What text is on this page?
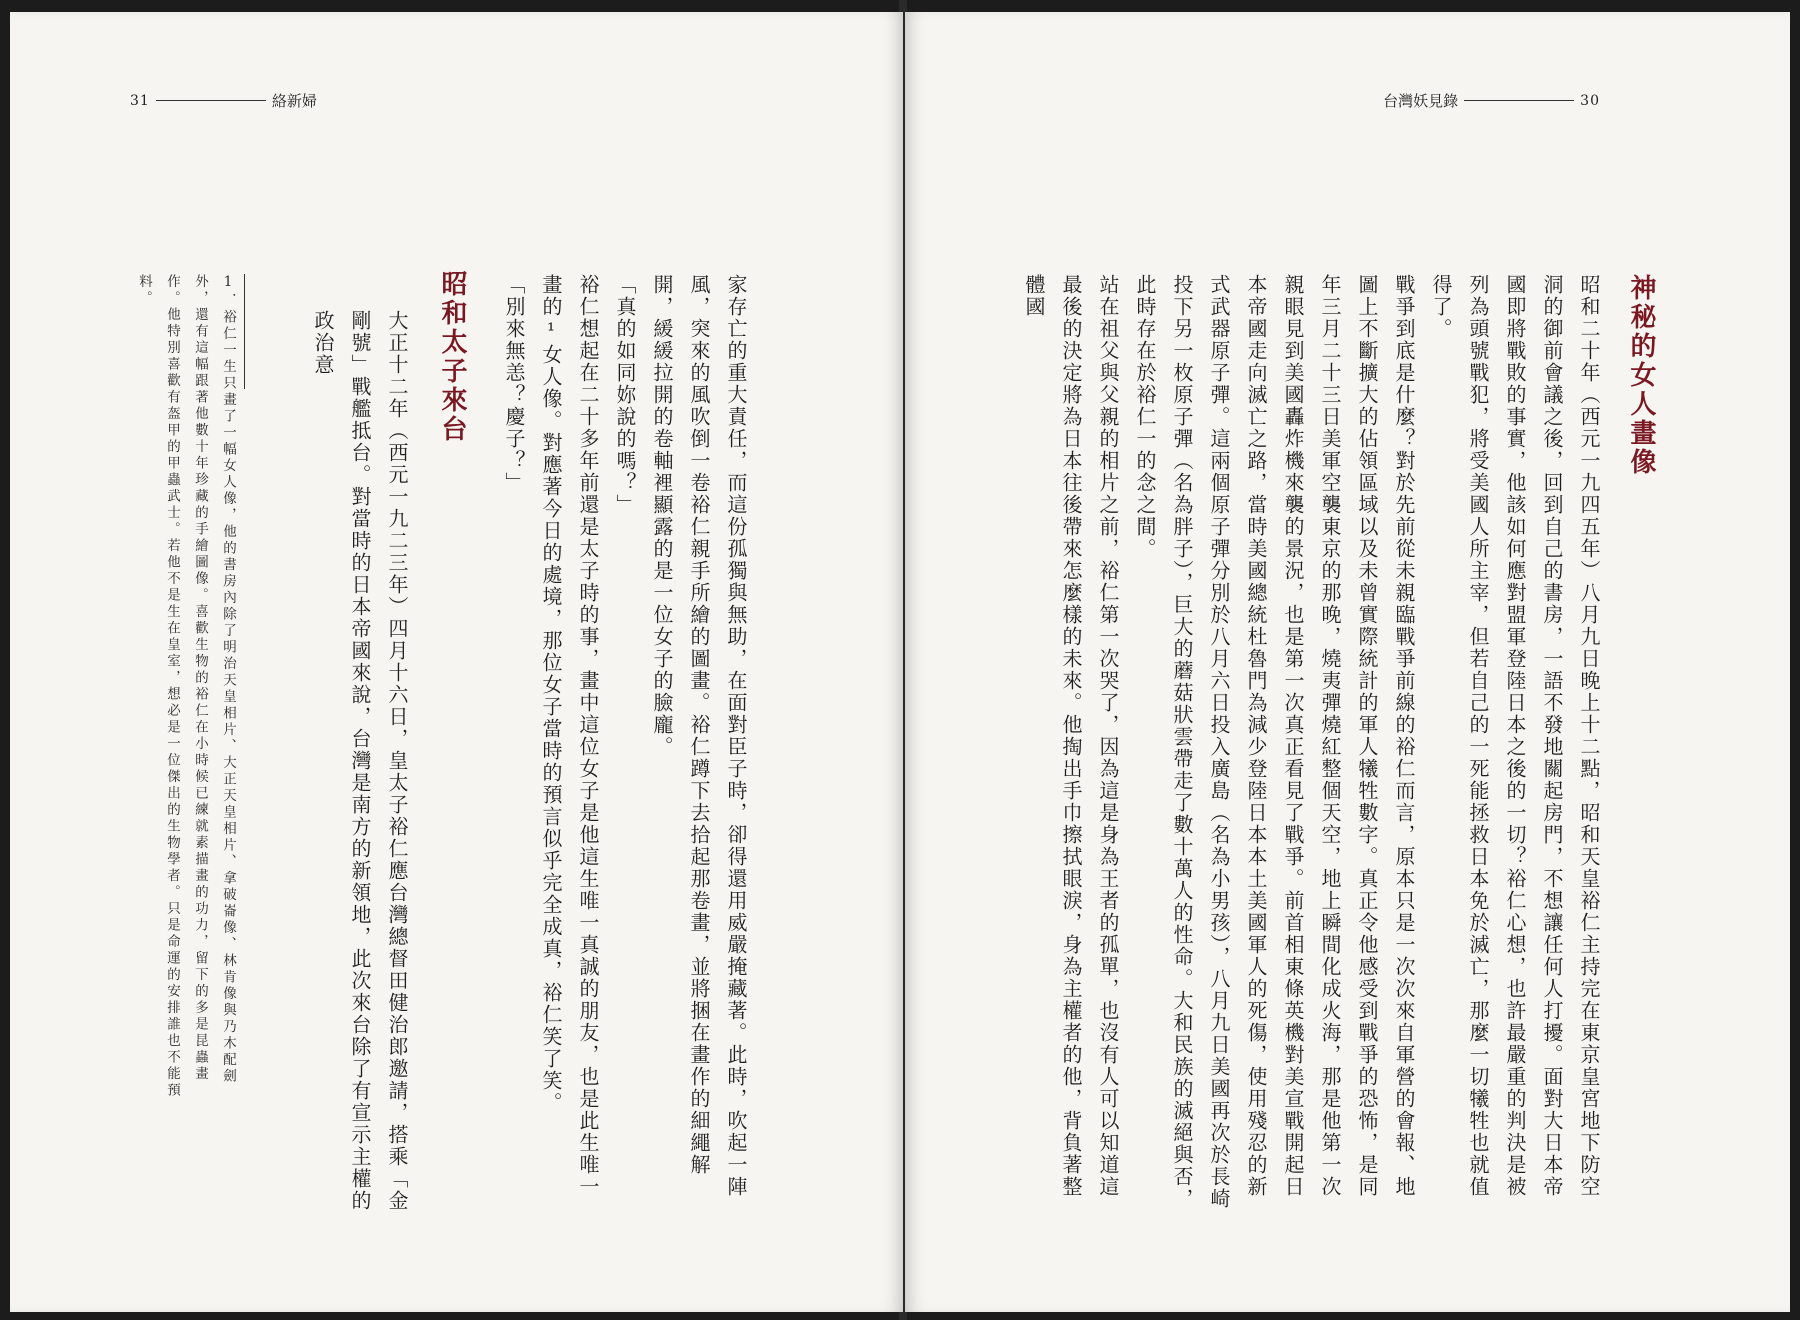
31	絡新婦
家存亡的重大責任，而這份孤獨與無助，在面對臣子時，卻得還用威嚴掩藏著。此時，吹起一陣風，突來的風吹倒一卷裕仁親手所繪的圖畫。裕仁蹲下去拾起那卷畫，並將捆在畫作的細繩解開，緩緩拉開的卷軸裡顯露的是一位女子的臉龐。
「真的如同妳說的嗎？」
裕仁想起在二十多年前還是太子時的事，畫中這位女子是他這生唯一真誠的朋友，也是此生唯一畫的¹女人像。對應著今日的處境，那位女子當時的預言似乎完全成真，裕仁笑了笑。
「別來無恙？慶子？」
昭和太子來台
大正十二年（西元一九二三年）四月十六日，皇太子裕仁應台灣總督田健治郎邀請，搭乘「金剛號」戰艦抵台。對當時的日本帝國來說，台灣是南方的新領地，此次來台除了有宣示主權的政治意
1．裕仁一生只畫了一幅女人像，他的書房內除了明治天皇相片、大正天皇相片、拿破崙像、林肯像與乃木配劍外，還有這幅跟著他數十年珍藏的手繪圖像。喜歡生物的裕仁在小時候已練就素描畫的功力，留下的多是昆蟲畫作。他特別喜歡有盔甲的甲蟲武士。若他不是生在皇室，想必是一位傑出的生物學者。只是命運的安排誰也不能預料。
台灣妖見錄	30
神秘的女人畫像
昭和二十年（西元一九四五年）八月九日晚上十二點，昭和天皇裕仁主持完在東京皇宮地下防空洞的御前會議之後，回到自己的書房，一語不發地關起房門，不想讓任何人打擾。面對大日本帝國即將戰敗的事實，他該如何應對盟軍登陸日本之後的一切？裕仁心想，也許最嚴重的判決是被列為頭號戰犯，將受美國人所主宰，但若自己的一死能拯救日本免於滅亡，那麼一切犧牲也就值得了。
戰爭到底是什麼？對於先前從未親臨戰爭前線的裕仁而言，原本只是一次次來自軍營的會報、地圖上不斷擴大的佔領區域以及未曾實際統計的軍人犧牲數字。真正令他感受到戰爭的恐怖，是同年三月二十三日美軍空襲東京的那晚，燒夷彈燒紅整個天空，地上瞬間化成火海，那是他第一次親眼見到美國轟炸機來襲的景況，也是第一次真正看見了戰爭。前首相東條英機對美宣戰開起日本帝國走向滅亡之路，當時美國總統杜魯門為減少登陸日本本土美國軍人的死傷，使用殘忍的新式武器原子彈。這兩個原子彈分別於八月六日投入廣島（名為小男孩），八月九日美國再次於長崎投下另一枚原子彈（名為胖子），巨大的蘑菇狀雲帶走了數十萬人的性命。大和民族的滅絕與否，此時存在於裕仁一的念之間。
站在祖父與父親的相片之前，裕仁第一次哭了，因為這是身為王者的孤單，也沒有人可以知道這最後的決定將為日本往後帶來怎麼樣的未來。他掏出手巾擦拭眼淚，身為主權者的他，背負著整體國
